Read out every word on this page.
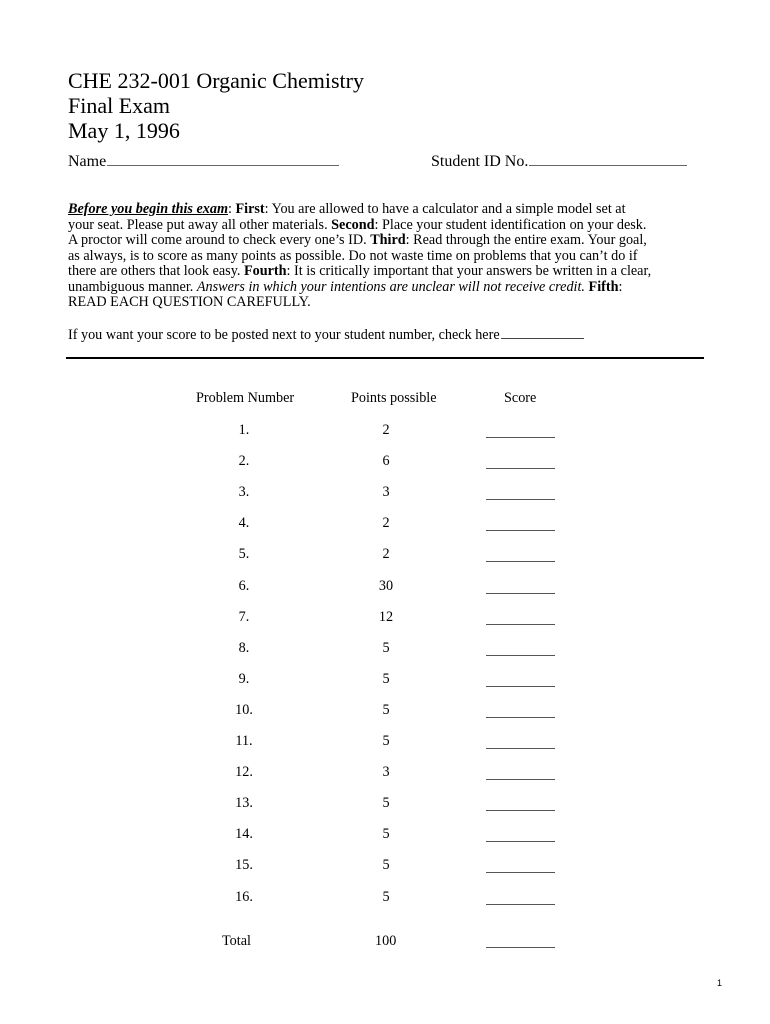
CHE 232-001 Organic Chemistry
Final Exam
May 1, 1996
Name	Student ID No.
Before you begin this exam: First: You are allowed to have a calculator and a simple model set at
your seat. Please put away all other materials. Second: Place your student identification on your desk.
A proctor will come around to check every one’s ID. Third: Read through the entire exam. Your goal,
as always, is to score as many points as possible. Do not waste time on problems that you can’t do if
there are others that look easy. Fourth: It is critically important that your answers be written in a clear,
unambiguous manner. Answers in which your intentions are unclear will not receive credit. Fifth:
READ EACH QUESTION CAREFULLY.
If you want your score to be posted next to your student number, check here
Problem Number	Points possible	Score
1.	2
2.	6
3.	3
4.	2
5.	2
6.	30
7.	12
8.	5
9.	5
10.	5
11.	5
12.	3
13.	5
14.	5
15.	5
16.	5
Total	100
1
